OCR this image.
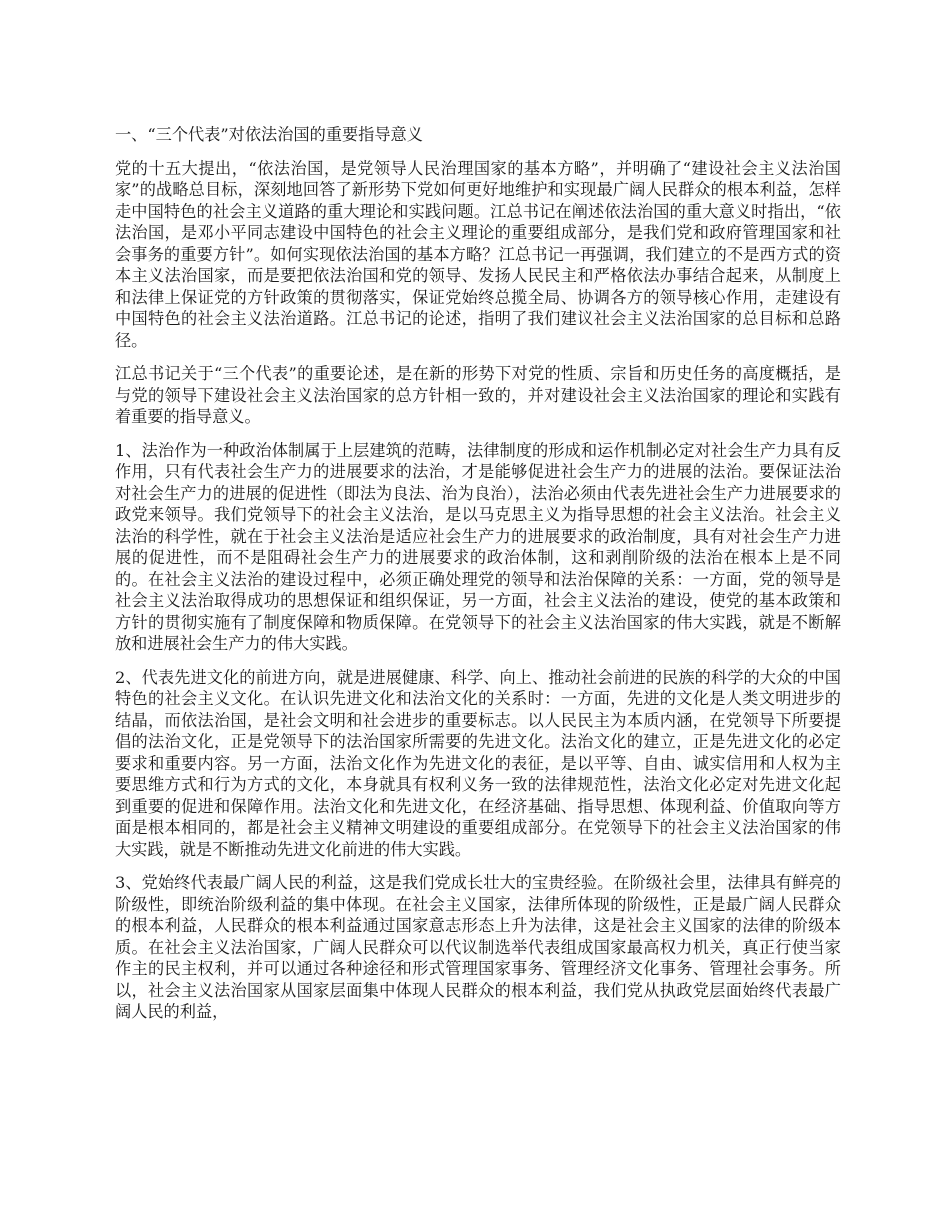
一、“三个代表”对依法治国的重要指导意义

党的十五大提出，“依法治国，是党领导人民治理国家的基本方略”，并明确了“建设社会主义法治国家”的战略总目标，深刻地回答了新形势下党如何更好地维护和实现最广阔人民群众的根本利益，怎样走中国特色的社会主义道路的重大理论和实践问题。江总书记在阐述依法治国的重大意义时指出，“依法治国，是邓小平同志建设中国特色的社会主义理论的重要组成部分，是我们党和政府管理国家和社会事务的重要方针”。如何实现依法治国的基本方略？江总书记一再强调，我们建立的不是西方式的资本主义法治国家，而是要把依法治国和党的领导、发扬人民民主和严格依法办事结合起来，从制度上和法律上保证党的方针政策的贯彻落实，保证党始终总揽全局、协调各方的领导核心作用，走建设有中国特色的社会主义法治道路。江总书记的论述，指明了我们建议社会主义法治国家的总目标和总路径。

江总书记关于“三个代表”的重要论述，是在新的形势下对党的性质、宗旨和历史任务的高度概括，是与党的领导下建设社会主义法治国家的总方针相一致的，并对建设社会主义法治国家的理论和实践有着重要的指导意义。

1、法治作为一种政治体制属于上层建筑的范畴，法律制度的形成和运作机制必定对社会生产力具有反作用，只有代表社会生产力的进展要求的法治，才是能够促进社会生产力的进展的法治。要保证法治对社会生产力的进展的促进性（即法为良法、治为良治），法治必须由代表先进社会生产力进展要求的政党来领导。我们党领导下的社会主义法治，是以马克思主义为指导思想的社会主义法治。社会主义法治的科学性，就在于社会主义法治是适应社会生产力的进展要求的政治制度，具有对社会生产力进展的促进性，而不是阻碍社会生产力的进展要求的政治体制，这和剥削阶级的法治在根本上是不同的。在社会主义法治的建设过程中，必须正确处理党的领导和法治保障的关系：一方面，党的领导是社会主义法治取得成功的思想保证和组织保证，另一方面，社会主义法治的建设，使党的基本政策和方针的贯彻实施有了制度保障和物质保障。在党领导下的社会主义法治国家的伟大实践，就是不断解放和进展社会生产力的伟大实践。

2、代表先进文化的前进方向，就是进展健康、科学、向上、推动社会前进的民族的科学的大众的中国特色的社会主义文化。在认识先进文化和法治文化的关系时：一方面，先进的文化是人类文明进步的结晶，而依法治国，是社会文明和社会进步的重要标志。以人民民主为本质内涵，在党领导下所要提倡的法治文化，正是党领导下的法治国家所需要的先进文化。法治文化的建立，正是先进文化的必定要求和重要内容。另一方面，法治文化作为先进文化的表征，是以平等、自由、诚实信用和人权为主要思维方式和行为方式的文化，本身就具有权利义务一致的法律规范性，法治文化必定对先进文化起到重要的促进和保障作用。法治文化和先进文化，在经济基础、指导思想、体现利益、价值取向等方面是根本相同的，都是社会主义精神文明建设的重要组成部分。在党领导下的社会主义法治国家的伟大实践，就是不断推动先进文化前进的伟大实践。

3、党始终代表最广阔人民的利益，这是我们党成长壮大的宝贵经验。在阶级社会里，法律具有鲜亮的阶级性，即统治阶级利益的集中体现。在社会主义国家，法律所体现的阶级性，正是最广阔人民群众的根本利益，人民群众的根本利益通过国家意志形态上升为法律，这是社会主义国家的法律的阶级本质。在社会主义法治国家，广阔人民群众可以代议制选举代表组成国家最高权力机关，真正行使当家作主的民主权利，并可以通过各种途径和形式管理国家事务、管理经济文化事务、管理社会事务。所以，社会主义法治国家从国家层面集中体现人民群众的根本利益，我们党从执政党层面始终代表最广阔人民的利益，
